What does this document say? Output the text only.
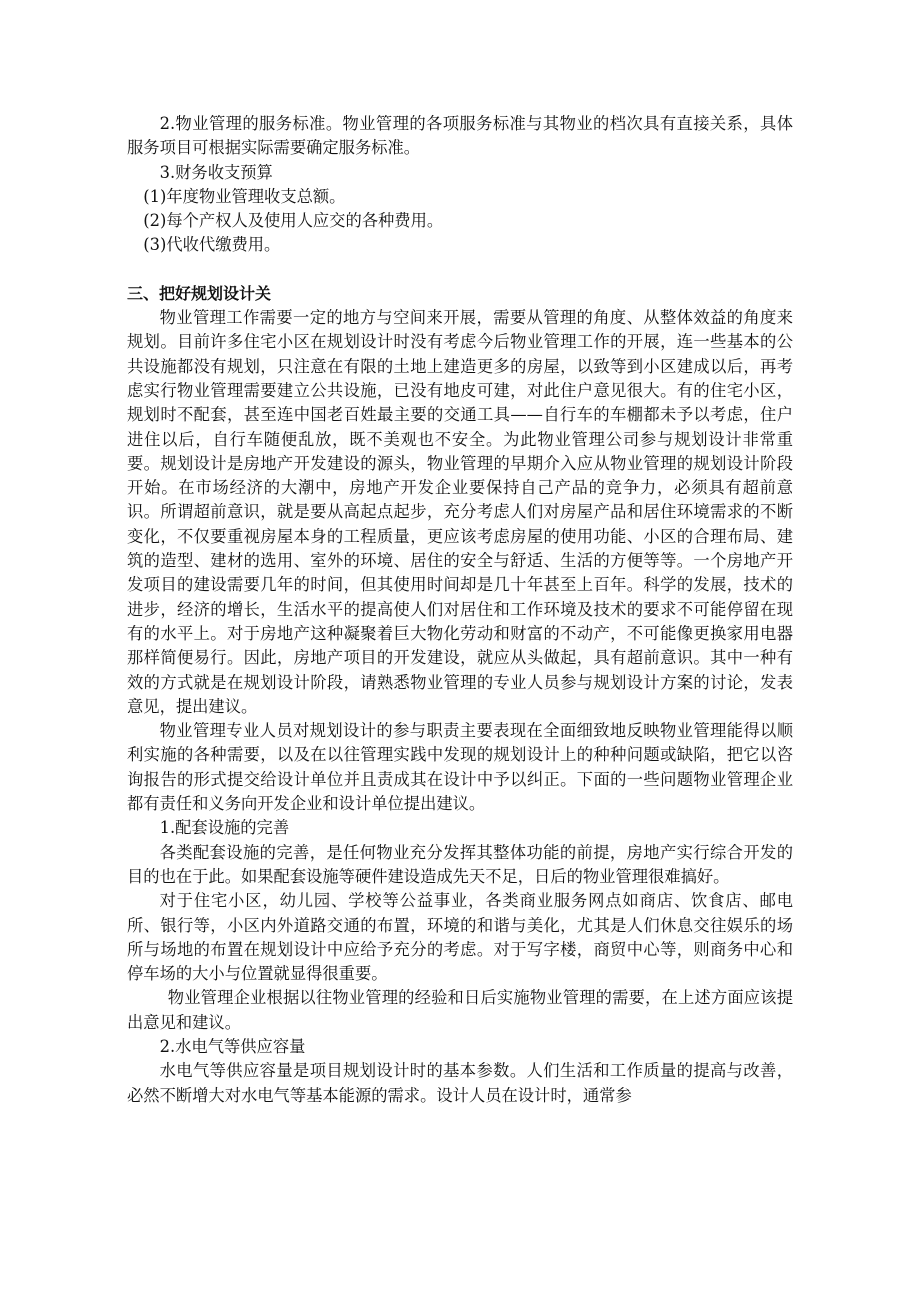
2.物业管理的服务标准。物业管理的各项服务标准与其物业的档次具有直接关系，具体服务项目可根据实际需要确定服务标准。

3.财务收支预算

(1)年度物业管理收支总额。

(2)每个产权人及使用人应交的各种费用。

(3)代收代缴费用。

三、把好规划设计关

物业管理工作需要一定的地方与空间来开展，需要从管理的角度、从整体效益的角度来规划。目前许多住宅小区在规划设计时没有考虑今后物业管理工作的开展，连一些基本的公共设施都没有规划，只注意在有限的土地上建造更多的房屋，以致等到小区建成以后，再考虑实行物业管理需要建立公共设施，已没有地皮可建，对此住户意见很大。有的住宅小区，规划时不配套，甚至连中国老百姓最主要的交通工具——自行车的车棚都未予以考虑，住户进住以后，自行车随便乱放，既不美观也不安全。为此物业管理公司参与规划设计非常重要。规划设计是房地产开发建设的源头，物业管理的早期介入应从物业管理的规划设计阶段开始。在市场经济的大潮中，房地产开发企业要保持自己产品的竞争力，必须具有超前意识。所谓超前意识，就是要从高起点起步，充分考虑人们对房屋产品和居住环境需求的不断变化，不仅要重视房屋本身的工程质量，更应该考虑房屋的使用功能、小区的合理布局、建筑的造型、建材的选用、室外的环境、居住的安全与舒适、生活的方便等等。一个房地产开发项目的建设需要几年的时间，但其使用时间却是几十年甚至上百年。科学的发展，技术的进步，经济的增长，生活水平的提高使人们对居住和工作环境及技术的要求不可能停留在现有的水平上。对于房地产这种凝聚着巨大物化劳动和财富的不动产，不可能像更换家用电器那样简便易行。因此，房地产项目的开发建设，就应从头做起，具有超前意识。其中一种有效的方式就是在规划设计阶段，请熟悉物业管理的专业人员参与规划设计方案的讨论，发表意见，提出建议。

物业管理专业人员对规划设计的参与职责主要表现在全面细致地反映物业管理能得以顺利实施的各种需要，以及在以往管理实践中发现的规划设计上的种种问题或缺陷，把它以咨询报告的形式提交给设计单位并且责成其在设计中予以纠正。下面的一些问题物业管理企业都有责任和义务向开发企业和设计单位提出建议。

1.配套设施的完善

各类配套设施的完善，是任何物业充分发挥其整体功能的前提，房地产实行综合开发的目的也在于此。如果配套设施等硬件建设造成先天不足，日后的物业管理很难搞好。

对于住宅小区，幼儿园、学校等公益事业，各类商业服务网点如商店、饮食店、邮电所、银行等，小区内外道路交通的布置，环境的和谐与美化，尤其是人们休息交往娱乐的场所与场地的布置在规划设计中应给予充分的考虑。对于写字楼，商贸中心等，则商务中心和停车场的大小与位置就显得很重要。

物业管理企业根据以往物业管理的经验和日后实施物业管理的需要，在上述方面应该提出意见和建议。

2.水电气等供应容量

水电气等供应容量是项目规划设计时的基本参数。人们生活和工作质量的提高与改善，必然不断增大对水电气等基本能源的需求。设计人员在设计时，通常参
